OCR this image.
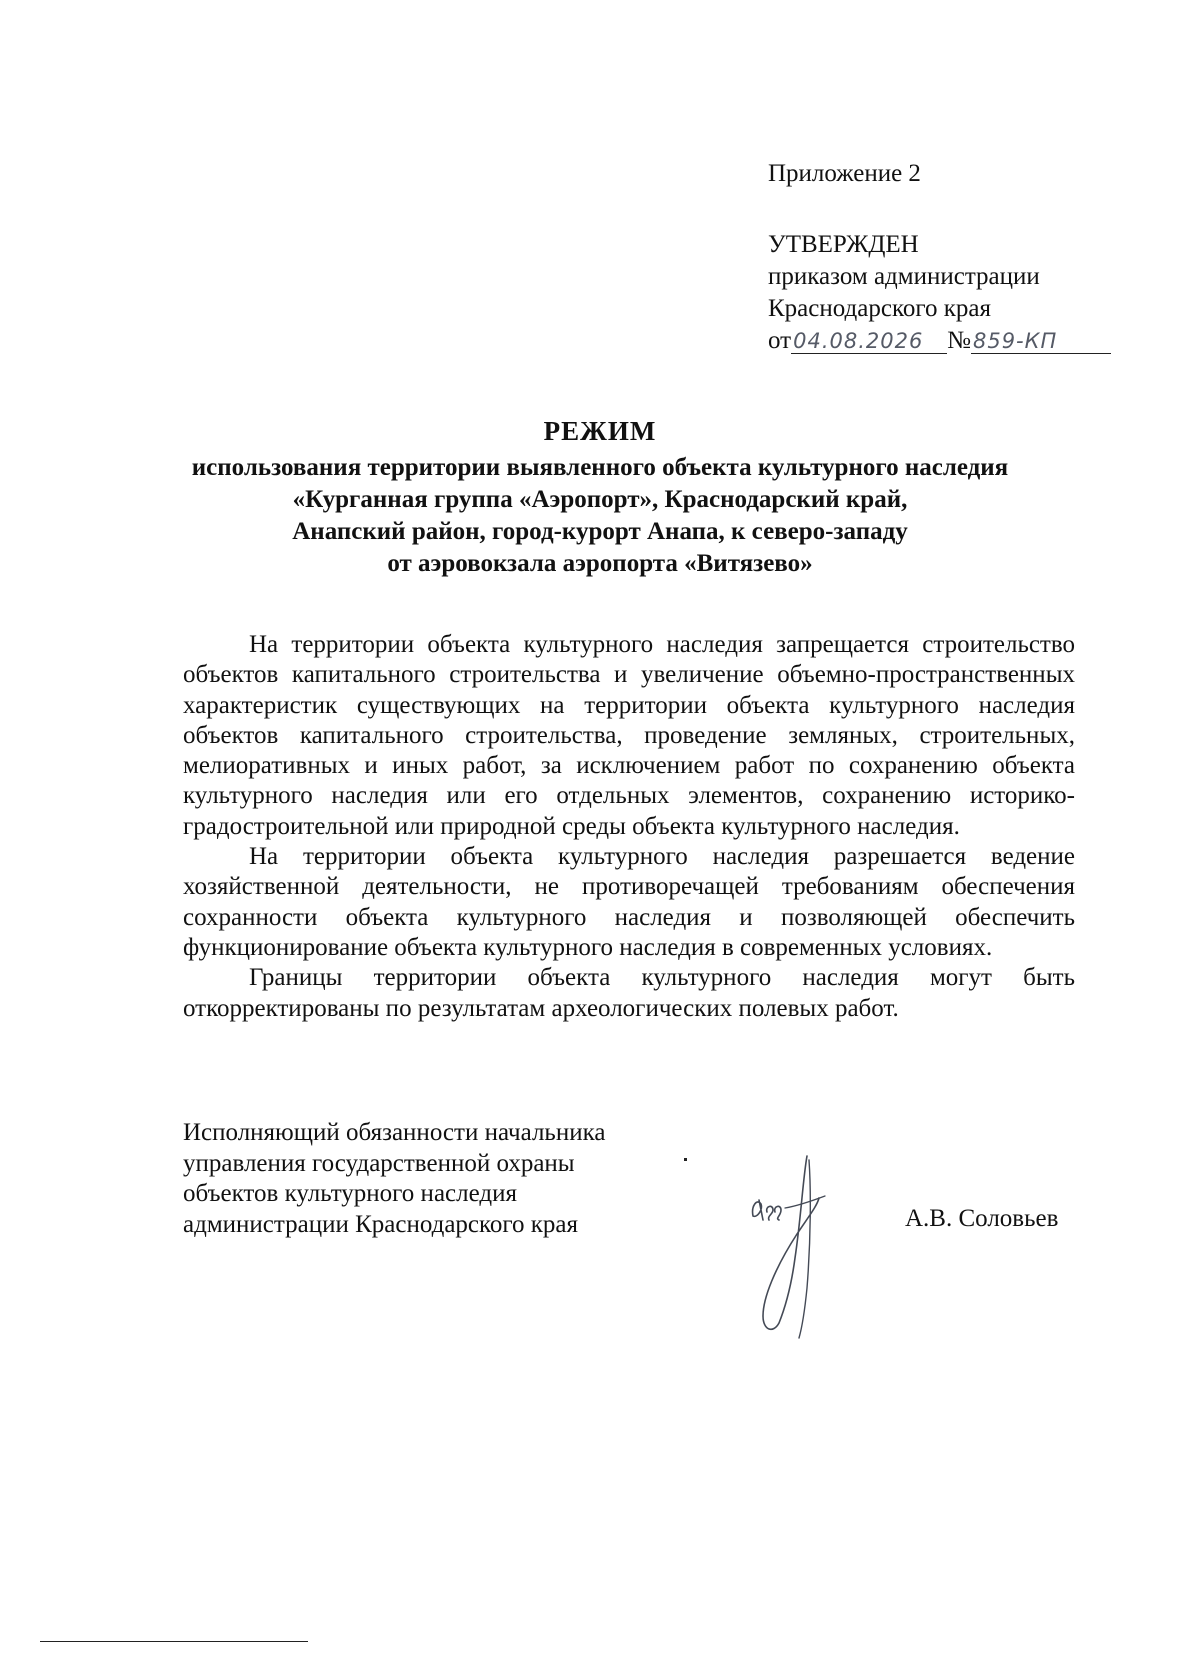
Приложение 2
УТВЕРЖДЕН
приказом администрации
Краснодарского края
от04.08.2026 №859-КП
РЕЖИМ
использования территории выявленного объекта культурного наследия
«Курганная группа «Аэропорт», Краснодарский край,
Анапский район, город-курорт Анапа, к северо-западу
от аэровокзала аэропорта «Витязево»

На территории объекта культурного наследия запрещается строительство объектов капитального строительства и увеличение объемно-пространственных характеристик существующих на территории объекта культурного наследия объектов капитального строительства, проведение земляных, строительных, мелиоративных и иных работ, за исключением работ по сохранению объекта культурного наследия или его отдельных элементов, сохранению историко-градостроительной или природной среды объекта культурного наследия.

На территории объекта культурного наследия разрешается ведение хозяйственной деятельности, не противоречащей требованиям обеспечения сохранности объекта культурного наследия и позволяющей обеспечить функционирование объекта культурного наследия в современных условиях.

Границы территории объекта культурного наследия могут быть откорректированы по результатам археологических полевых работ.

Исполняющий обязанности начальника
управления государственной охраны
объектов культурного наследия
администрации Краснодарского края	А.В. Соловьев
